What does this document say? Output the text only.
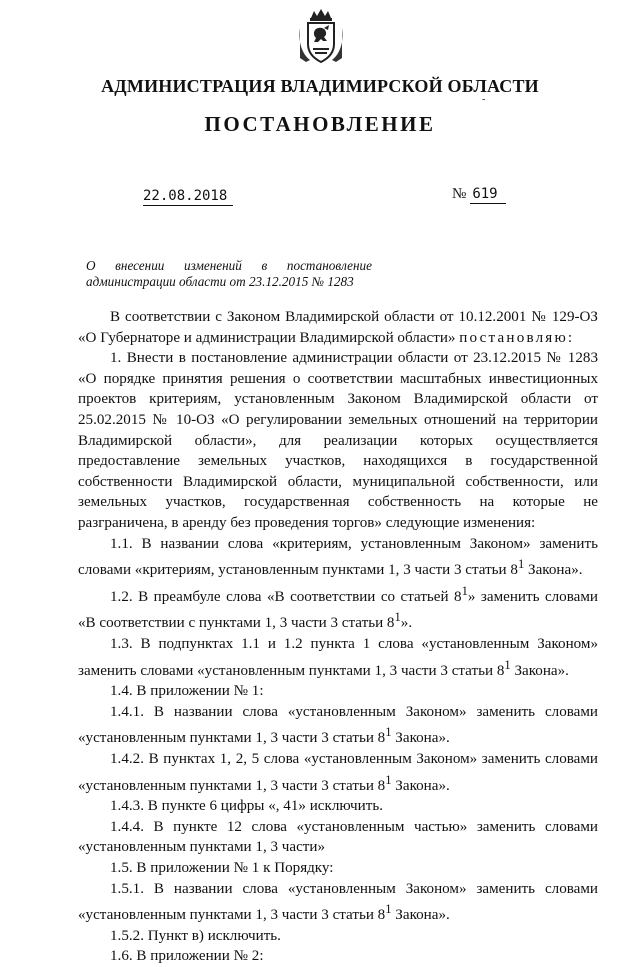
АДМИНИСТРАЦИЯ ВЛАДИМИРСКОЙ ОБЛАСТИ
-
ПОСТАНОВЛЕНИЕ
22.08.2018	№ 619
О внесении изменений в постановление администрации области от 23.12.2015 № 1283

В соответствии с Законом Владимирской области от 10.12.2001 № 129-ОЗ «О Губернаторе и администрации Владимирской области» постановляю:

1. Внести в постановление администрации области от 23.12.2015 № 1283 «О порядке принятия решения о соответствии масштабных инвестиционных проектов критериям, установленным Законом Владимирской области от 25.02.2015 № 10-ОЗ «О регулировании земельных отношений на территории Владимирской области», для реализации которых осуществляется предоставление земельных участков, находящихся в государственной собственности Владимирской области, муниципальной собственности, или земельных участков, государственная собственность на которые не разграничена, в аренду без проведения торгов» следующие изменения:

1.1. В названии слова «критериям, установленным Законом» заменить словами «критериям, установленным пунктами 1, 3 части 3 статьи $8^1$ Закона».

1.2. В преамбуле слова «В соответствии со статьей $8^1$» заменить словами «В соответствии с пунктами 1, 3 части 3 статьи $8^1$».

1.3. В подпунктах 1.1 и 1.2 пункта 1 слова «установленным Законом» заменить словами «установленным пунктами 1, 3 части 3 статьи $8^1$ Закона».

1.4. В приложении № 1:

1.4.1. В названии слова «установленным Законом» заменить словами «установленным пунктами 1, 3 части 3 статьи $8^1$ Закона».

1.4.2. В пунктах 1, 2, 5 слова «установленным Законом» заменить словами «установленным пунктами 1, 3 части 3 статьи $8^1$ Закона».

1.4.3. В пункте 6 цифры «, 41» исключить.

1.4.4. В пункте 12 слова «установленным частью» заменить словами «установленным пунктами 1, 3 части»

1.5. В приложении № 1 к Порядку:

1.5.1. В названии слова «установленным Законом» заменить словами «установленным пунктами 1, 3 части 3 статьи $8^1$ Закона».

1.5.2. Пункт в) исключить.

1.6. В приложении № 2:
